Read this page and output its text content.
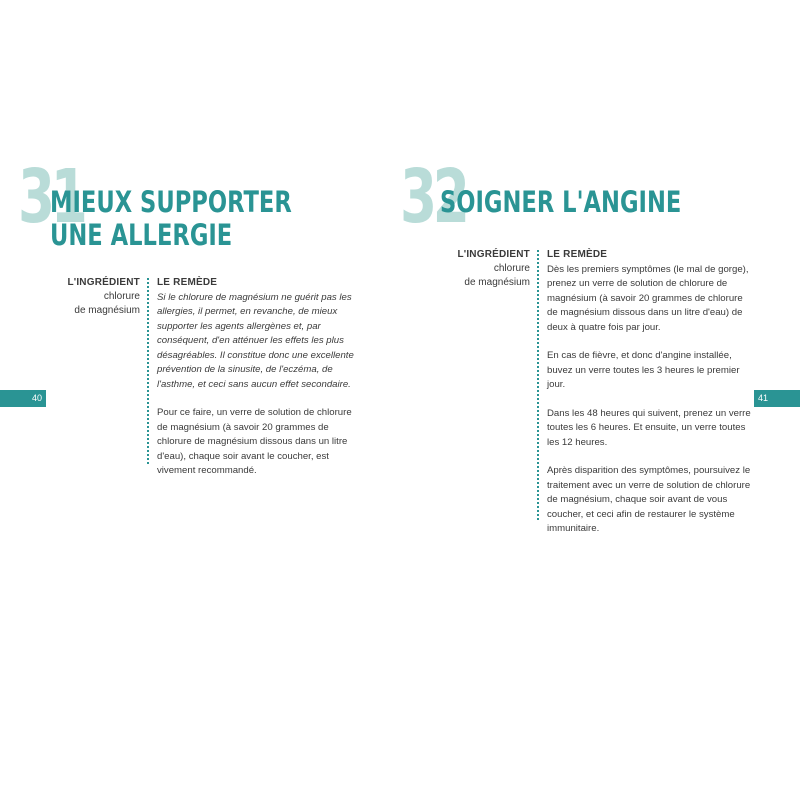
31
MIEUX SUPPORTER
UNE ALLERGIE
L'INGRÉDIENT
chlorure
de magnésium
LE REMÈDE

Si le chlorure de magnésium ne guérit pas les allergies, il permet, en revanche, de mieux supporter les agents allergènes et, par conséquent, d'en atténuer les effets les plus désagréables. Il constitue donc une excellente prévention de la sinusite, de l'eczéma, de l'asthme, et ceci sans aucun effet secondaire.

Pour ce faire, un verre de solution de chlorure de magnésium (à savoir 20 grammes de chlorure de magnésium dissous dans un litre d'eau), chaque soir avant le coucher, est vivement recommandé.

40
32
SOIGNER L'ANGINE
L'INGRÉDIENT
chlorure
de magnésium
LE REMÈDE

Dès les premiers symptômes (le mal de gorge), prenez un verre de solution de chlorure de magnésium (à savoir 20 grammes de chlorure de magnésium dissous dans un litre d'eau) de deux à quatre fois par jour.

En cas de fièvre, et donc d'angine installée, buvez un verre toutes les 3 heures le premier jour.

Dans les 48 heures qui suivent, prenez un verre toutes les 6 heures. Et ensuite, un verre toutes les 12 heures.

Après disparition des symptômes, poursuivez le traitement avec un verre de solution de chlorure de magnésium, chaque soir avant de vous coucher, et ceci afin de restaurer le système immunitaire.

41
